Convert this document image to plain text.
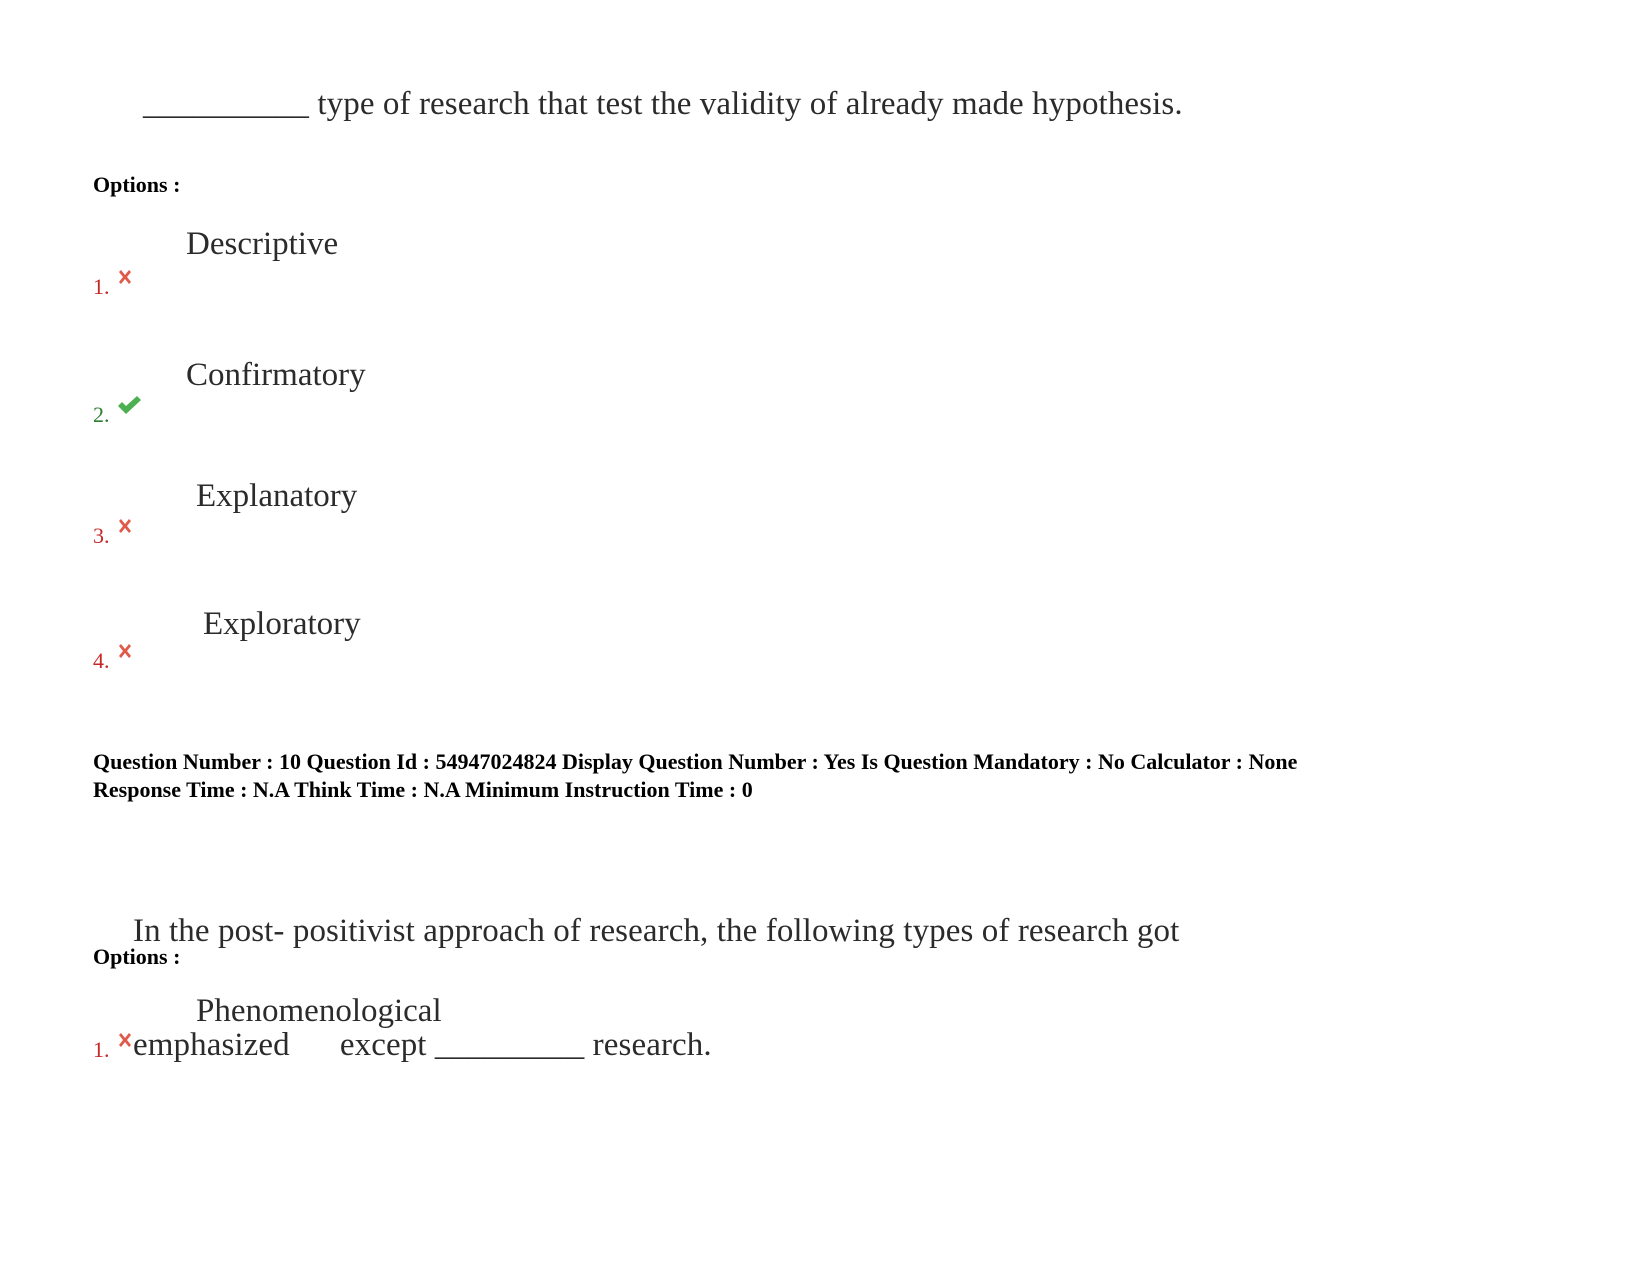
__________ type of research that test the validity of already made hypothesis.
Options :
Descriptive
1.
Confirmatory
2.
Explanatory
3.
Exploratory
4.
Question Number : 10 Question Id : 54947024824 Display Question Number : Yes Is Question Mandatory : No Calculator : None
Response Time : N.A Think Time : N.A Minimum Instruction Time : 0

In the post- positivist approach of research, the following types of research got

emphasized      except _________ research.

Options :
Phenomenological
1.
